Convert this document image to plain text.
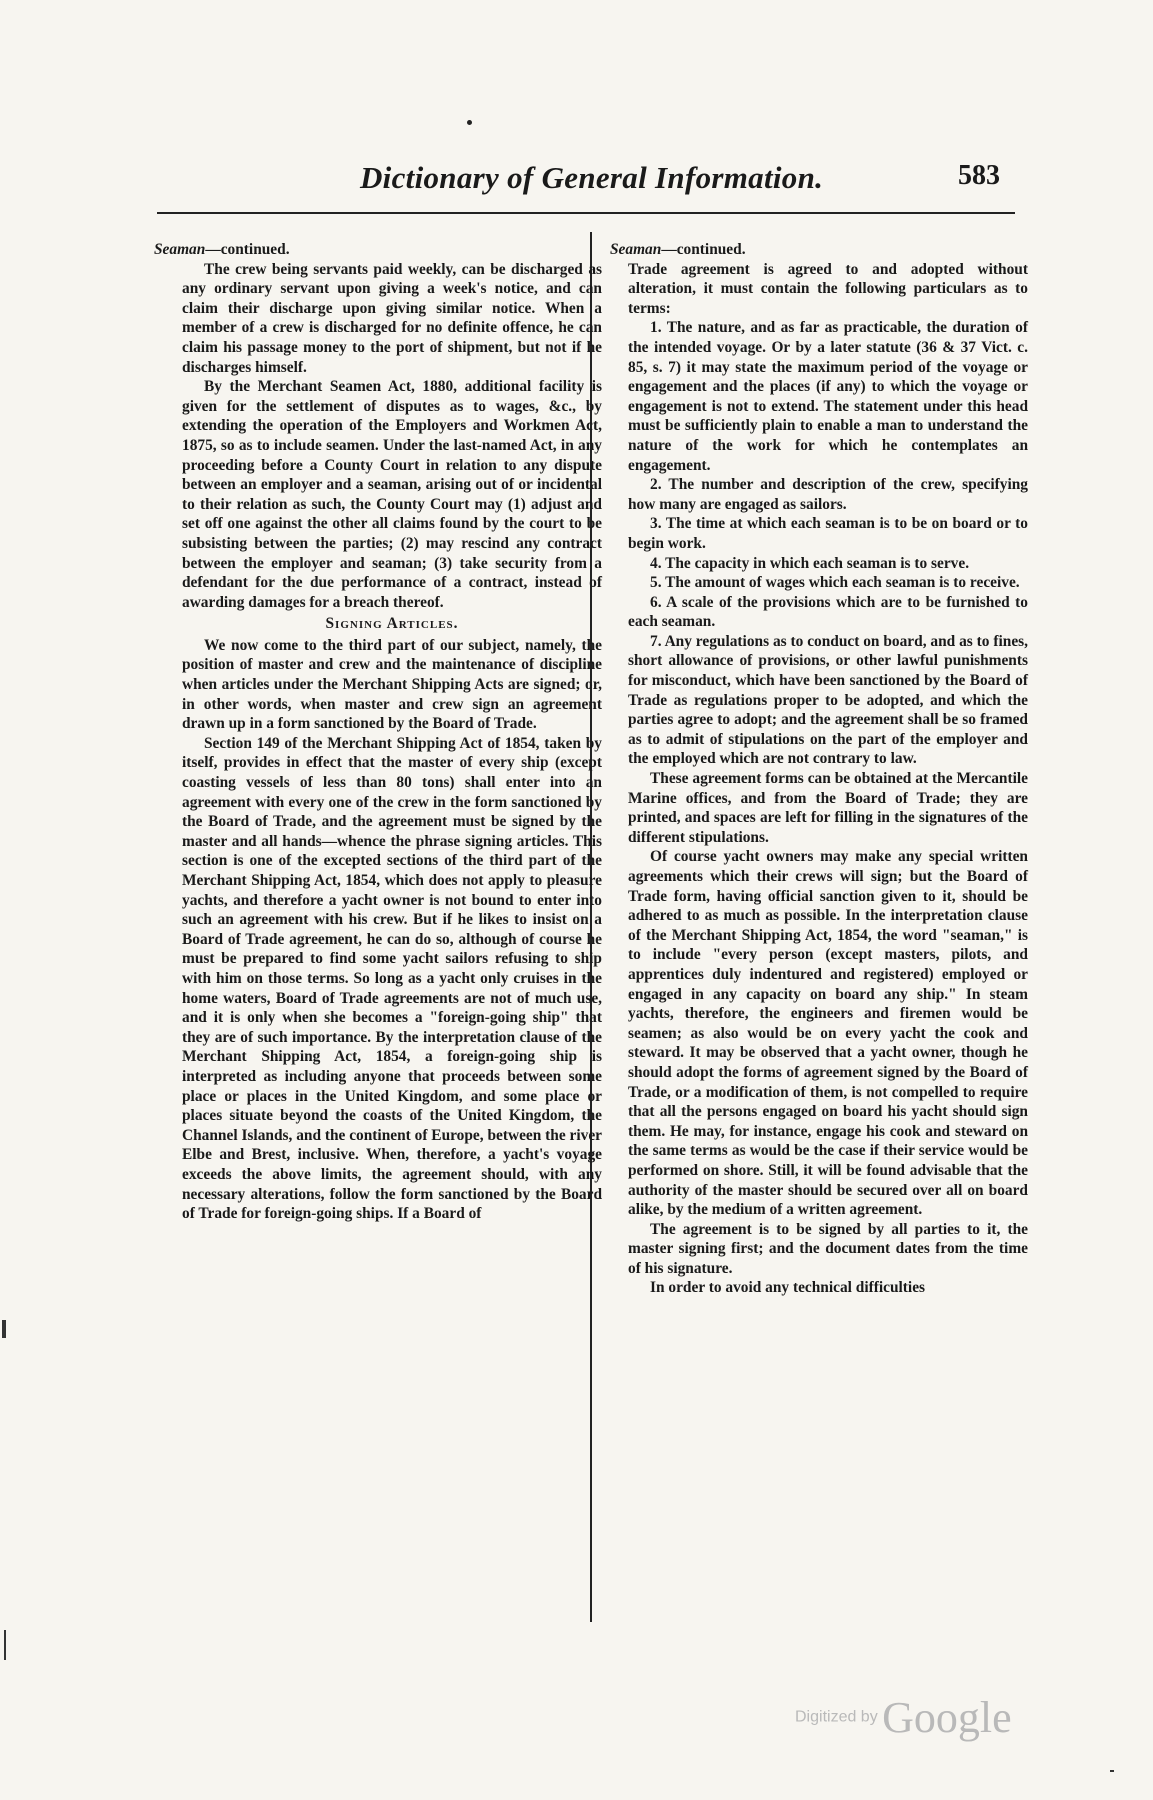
Dictionary of General Information.	583
Seaman—continued.

The crew being servants paid weekly, can be discharged as any ordinary servant upon giving a week's notice, and can claim their discharge upon giving similar notice. When a member of a crew is discharged for no definite offence, he can claim his passage money to the port of shipment, but not if he discharges himself.

By the Merchant Seamen Act, 1880, additional facility is given for the settlement of disputes as to wages, &c., by extending the operation of the Employers and Workmen Act, 1875, so as to include seamen. Under the last-named Act, in any proceeding before a County Court in relation to any dispute between an employer and a seaman, arising out of or incidental to their relation as such, the County Court may (1) adjust and set off one against the other all claims found by the court to be subsisting between the parties; (2) may rescind any contract between the employer and seaman; (3) take security from a defendant for the due performance of a contract, instead of awarding damages for a breach thereof.

Signing Articles.

We now come to the third part of our subject, namely, the position of master and crew and the maintenance of discipline when articles under the Merchant Shipping Acts are signed; or, in other words, when master and crew sign an agreement drawn up in a form sanctioned by the Board of Trade.

Section 149 of the Merchant Shipping Act of 1854, taken by itself, provides in effect that the master of every ship (except coasting vessels of less than 80 tons) shall enter into an agreement with every one of the crew in the form sanctioned by the Board of Trade, and the agreement must be signed by the master and all hands—whence the phrase signing articles. This section is one of the excepted sections of the third part of the Merchant Shipping Act, 1854, which does not apply to pleasure yachts, and therefore a yacht owner is not bound to enter into such an agreement with his crew. But if he likes to insist on a Board of Trade agreement, he can do so, although of course he must be prepared to find some yacht sailors refusing to ship with him on those terms. So long as a yacht only cruises in the home waters, Board of Trade agreements are not of much use, and it is only when she becomes a "foreign-going ship" that they are of such importance. By the interpretation clause of the Merchant Shipping Act, 1854, a foreign-going ship is interpreted as including anyone that proceeds between some place or places in the United Kingdom, and some place or places situate beyond the coasts of the United Kingdom, the Channel Islands, and the continent of Europe, between the river Elbe and Brest, inclusive. When, therefore, a yacht's voyage exceeds the above limits, the agreement should, with any necessary alterations, follow the form sanctioned by the Board of Trade for foreign-going ships. If a Board of

Seaman—continued.

Trade agreement is agreed to and adopted without alteration, it must contain the following particulars as to terms:

1. The nature, and as far as practicable, the duration of the intended voyage. Or by a later statute (36 & 37 Vict. c. 85, s. 7) it may state the maximum period of the voyage or engagement and the places (if any) to which the voyage or engagement is not to extend. The statement under this head must be sufficiently plain to enable a man to understand the nature of the work for which he contemplates an engagement.

2. The number and description of the crew, specifying how many are engaged as sailors.

3. The time at which each seaman is to be on board or to begin work.

4. The capacity in which each seaman is to serve.

5. The amount of wages which each seaman is to receive.

6. A scale of the provisions which are to be furnished to each seaman.

7. Any regulations as to conduct on board, and as to fines, short allowance of provisions, or other lawful punishments for misconduct, which have been sanctioned by the Board of Trade as regulations proper to be adopted, and which the parties agree to adopt; and the agreement shall be so framed as to admit of stipulations on the part of the employer and the employed which are not contrary to law.

These agreement forms can be obtained at the Mercantile Marine offices, and from the Board of Trade; they are printed, and spaces are left for filling in the signatures of the different stipulations.

Of course yacht owners may make any special written agreements which their crews will sign; but the Board of Trade form, having official sanction given to it, should be adhered to as much as possible. In the interpretation clause of the Merchant Shipping Act, 1854, the word "seaman," is to include "every person (except masters, pilots, and apprentices duly indentured and registered) employed or engaged in any capacity on board any ship." In steam yachts, therefore, the engineers and firemen would be seamen; as also would be on every yacht the cook and steward. It may be observed that a yacht owner, though he should adopt the forms of agreement signed by the Board of Trade, or a modification of them, is not compelled to require that all the persons engaged on board his yacht should sign them. He may, for instance, engage his cook and steward on the same terms as would be the case if their service would be performed on shore. Still, it will be found advisable that the authority of the master should be secured over all on board alike, by the medium of a written agreement.

The agreement is to be signed by all parties to it, the master signing first; and the document dates from the time of his signature.

In order to avoid any technical difficulties

Digitized by Google
